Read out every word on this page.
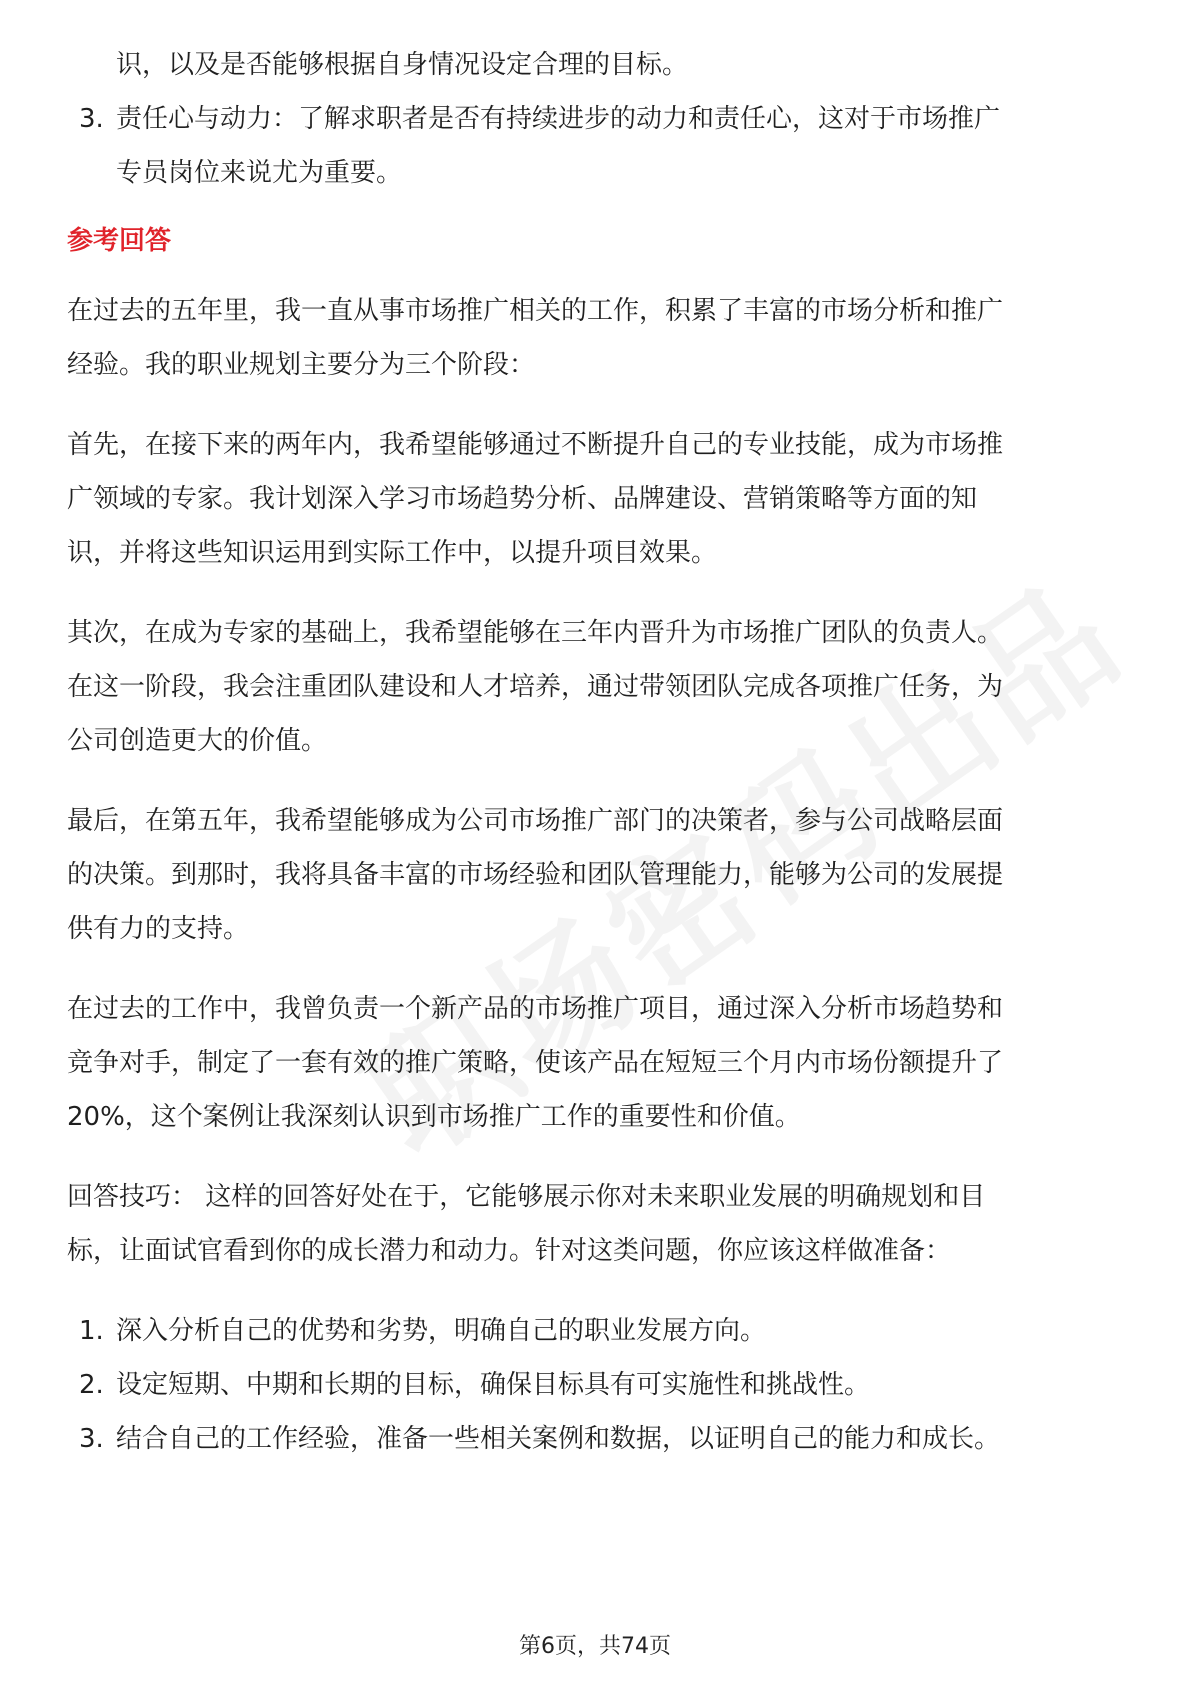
识，以及是否能够根据自身情况设定合理的目标。
3. 责任心与动力：了解求职者是否有持续进步的动力和责任心，这对于市场推广
专员岗位来说尤为重要。
参考回答
在过去的五年里，我一直从事市场推广相关的工作，积累了丰富的市场分析和推广
经验。我的职业规划主要分为三个阶段：
首先，在接下来的两年内，我希望能够通过不断提升自己的专业技能，成为市场推
广领域的专家。我计划深入学习市场趋势分析、品牌建设、营销策略等方面的知
识，并将这些知识运用到实际工作中，以提升项目效果。
其次，在成为专家的基础上，我希望能够在三年内晋升为市场推广团队的负责人。
在这一阶段，我会注重团队建设和人才培养，通过带领团队完成各项推广任务，为
公司创造更大的价值。
最后，在第五年，我希望能够成为公司市场推广部门的决策者，参与公司战略层面
的决策。到那时，我将具备丰富的市场经验和团队管理能力，能够为公司的发展提
供有力的支持。
在过去的工作中，我曾负责一个新产品的市场推广项目，通过深入分析市场趋势和
竞争对手，制定了一套有效的推广策略，使该产品在短短三个月内市场份额提升了
20%，这个案例让我深刻认识到市场推广工作的重要性和价值。
回答技巧： 这样的回答好处在于，它能够展示你对未来职业发展的明确规划和目
标，让面试官看到你的成长潜力和动力。针对这类问题，你应该这样做准备：
1. 深入分析自己的优势和劣势，明确自己的职业发展方向。
2. 设定短期、中期和长期的目标，确保目标具有可实施性和挑战性。
3. 结合自己的工作经验，准备一些相关案例和数据，以证明自己的能力和成长。
第6页，共74页
